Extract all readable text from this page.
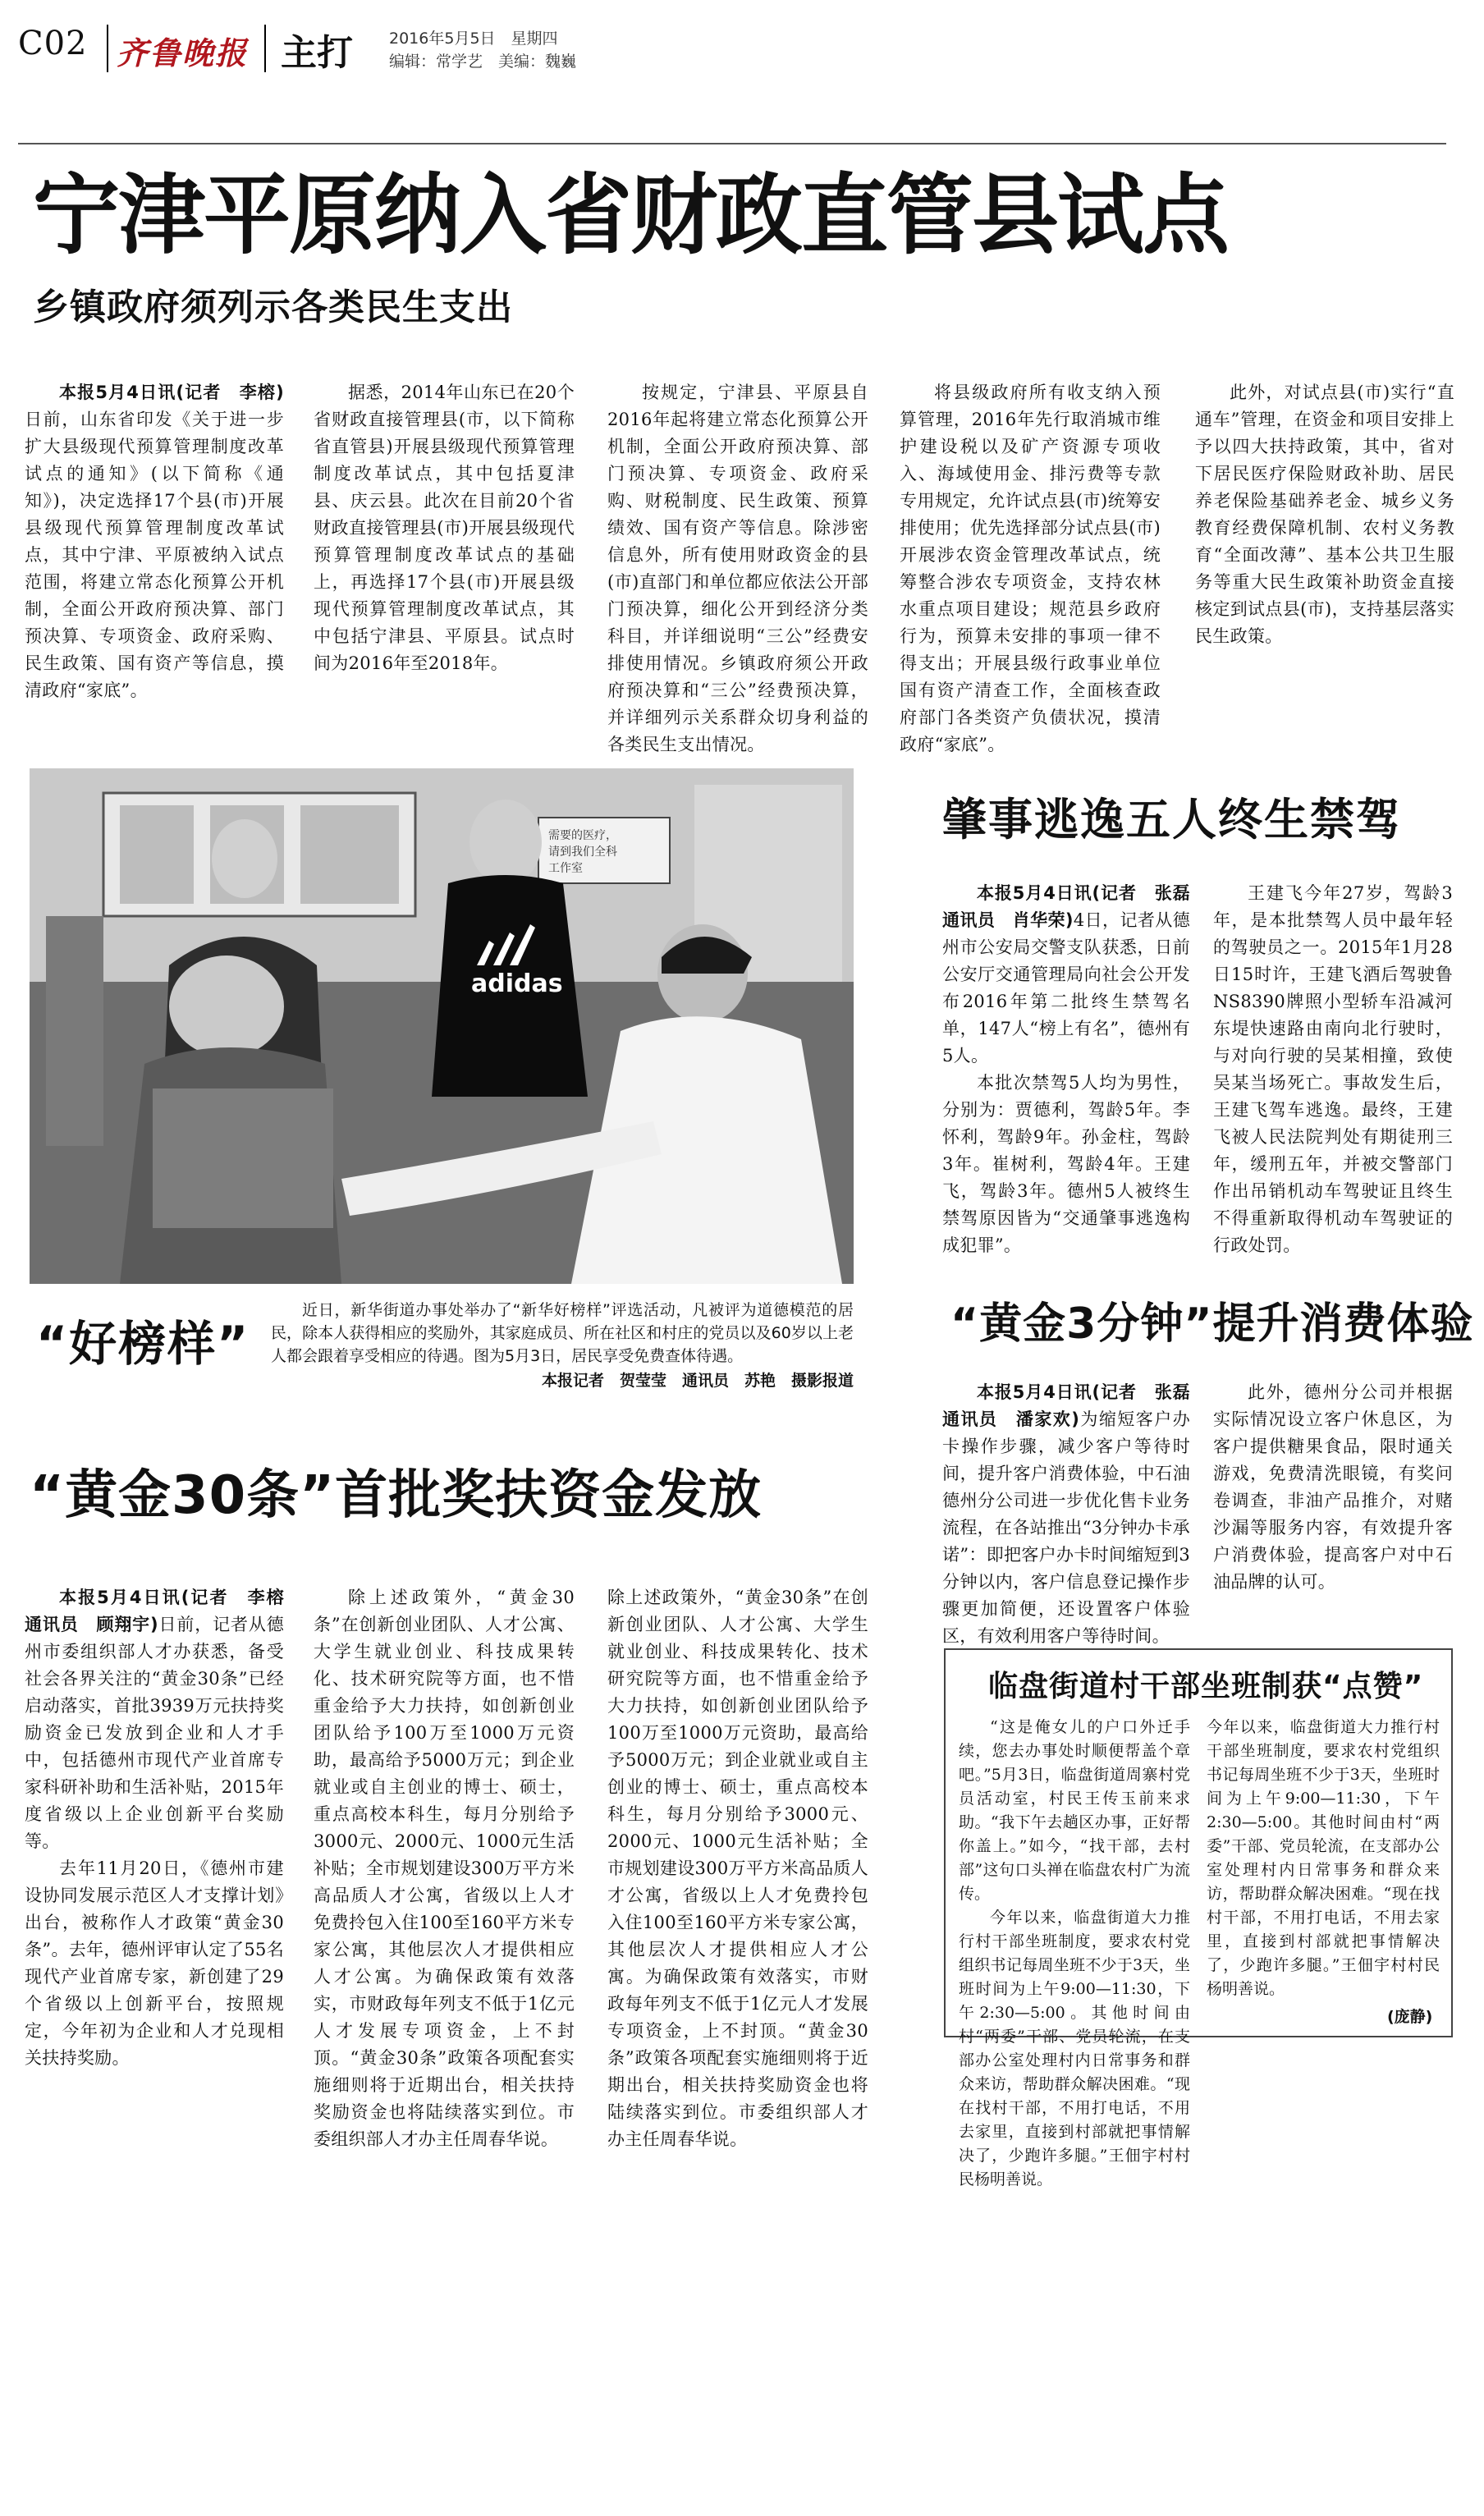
C02 齐鲁晚报 主打 2016年5月5日　星期四
编辑：常学艺　美编：魏巍
宁津平原纳入省财政直管县试点
乡镇政府须列示各类民生支出

本报5月4日讯(记者　李榕)日前，山东省印发《关于进一步扩大县级现代预算管理制度改革试点的通知》(以下简称《通知》)，决定选择17个县(市)开展县级现代预算管理制度改革试点，其中宁津、平原被纳入试点范围，将建立常态化预算公开机制，全面公开政府预决算、部门预决算、专项资金、政府采购、民生政策、国有资产等信息，摸清政府“家底”。

据悉，2014年山东已在20个省财政直接管理县(市，以下简称省直管县)开展县级现代预算管理制度改革试点，其中包括夏津县、庆云县。此次在目前20个省财政直接管理县(市)开展县级现代预算管理制度改革试点的基础上，再选择17个县(市)开展县级现代预算管理制度改革试点，其中包括宁津县、平原县。试点时间为2016年至2018年。

按规定，宁津县、平原县自2016年起将建立常态化预算公开机制，全面公开政府预决算、部门预决算、专项资金、政府采购、财税制度、民生政策、预算绩效、国有资产等信息。除涉密信息外，所有使用财政资金的县(市)直部门和单位都应依法公开部门预决算，细化公开到经济分类科目，并详细说明“三公”经费安排使用情况。乡镇政府须公开政府预决算和“三公”经费预决算，并详细列示关系群众切身利益的各类民生支出情况。

将县级政府所有收支纳入预算管理，2016年先行取消城市维护建设税以及矿产资源专项收入、海域使用金、排污费等专款专用规定，允许试点县(市)统筹安排使用；优先选择部分试点县(市)开展涉农资金管理改革试点，统筹整合涉农专项资金，支持农林水重点项目建设；规范县乡政府行为，预算未安排的事项一律不得支出；开展县级行政事业单位国有资产清查工作，全面核查政府部门各类资产负债状况，摸清政府“家底”。

此外，对试点县(市)实行“直通车”管理，在资金和项目安排上予以四大扶持政策，其中，省对下居民医疗保险财政补助、居民养老保险基础养老金、城乡义务教育经费保障机制、农村义务教育“全面改薄”、基本公共卫生服务等重大民生政策补助资金直接核定到试点县(市)，支持基层落实民生政策。

需要的医疗，
请到我们全科
工作室
adidas
“好榜样”
近日，新华街道办事处举办了“新华好榜样”评选活动，凡被评为道德模范的居民，除本人获得相应的奖励外，其家庭成员、所在社区和村庄的党员以及60岁以上老人都会跟着享受相应的待遇。图为5月3日，居民享受免费查体待遇。
本报记者　贺莹莹　通讯员　苏艳　摄影报道
肇事逃逸五人终生禁驾

本报5月4日讯(记者　张磊　通讯员　肖华荣)4日，记者从德州市公安局交警支队获悉，日前公安厅交通管理局向社会公开发布2016年第二批终生禁驾名单，147人“榜上有名”，德州有5人。

本批次禁驾5人均为男性，分别为：贾德利，驾龄5年。李怀利，驾龄9年。孙金柱，驾龄3年。崔树利，驾龄4年。王建飞，驾龄3年。德州5人被终生禁驾原因皆为“交通肇事逃逸构成犯罪”。

王建飞今年27岁，驾龄3年，是本批禁驾人员中最年轻的驾驶员之一。2015年1月28日15时许，王建飞酒后驾驶鲁NS8390牌照小型轿车沿减河东堤快速路由南向北行驶时，与对向行驶的吴某相撞，致使吴某当场死亡。事故发生后，王建飞驾车逃逸。最终，王建飞被人民法院判处有期徒刑三年，缓刑五年，并被交警部门作出吊销机动车驾驶证且终生不得重新取得机动车驾驶证的行政处罚。

“黄金3分钟”提升消费体验

本报5月4日讯(记者　张磊　通讯员　潘家欢)为缩短客户办卡操作步骤，减少客户等待时间，提升客户消费体验，中石油德州分公司进一步优化售卡业务流程，在各站推出“3分钟办卡承诺”：即把客户办卡时间缩短到3分钟以内，客户信息登记操作步骤更加简便，还设置客户体验区，有效利用客户等待时间。

此外，德州分公司并根据实际情况设立客户休息区，为客户提供糖果食品，限时通关游戏，免费清洗眼镜，有奖问卷调查，非油产品推介，对赌沙漏等服务内容，有效提升客户消费体验，提高客户对中石油品牌的认可。

“黄金30条”首批奖扶资金发放

本报5月4日讯(记者　李榕　通讯员　顾翔宇)日前，记者从德州市委组织部人才办获悉，备受社会各界关注的“黄金30条”已经启动落实，首批3939万元扶持奖励资金已发放到企业和人才手中，包括德州市现代产业首席专家科研补助和生活补贴，2015年度省级以上企业创新平台奖励等。

去年11月20日，《德州市建设协同发展示范区人才支撑计划》出台，被称作人才政策“黄金30条”。去年，德州评审认定了55名现代产业首席专家，新创建了29个省级以上创新平台，按照规定，今年初为企业和人才兑现相关扶持奖励。

除上述政策外，“黄金30条”在创新创业团队、人才公寓、大学生就业创业、科技成果转化、技术研究院等方面，也不惜重金给予大力扶持，如创新创业团队给予100万至1000万元资助，最高给予5000万元；到企业就业或自主创业的博士、硕士，重点高校本科生，每月分别给予3000元、2000元、1000元生活补贴；全市规划建设300万平方米高品质人才公寓，省级以上人才免费拎包入住100至160平方米专家公寓，其他层次人才提供相应人才公寓。为确保政策有效落实，市财政每年列支不低于1亿元人才发展专项资金，上不封顶。“黄金30条”政策各项配套实施细则将于近期出台，相关扶持奖励资金也将陆续落实到位。市委组织部人才办主任周春华说。

除上述政策外，“黄金30条”在创新创业团队、人才公寓、大学生就业创业、科技成果转化、技术研究院等方面，也不惜重金给予大力扶持，如创新创业团队给予100万至1000万元资助，最高给予5000万元；到企业就业或自主创业的博士、硕士，重点高校本科生，每月分别给予3000元、2000元、1000元生活补贴；全市规划建设300万平方米高品质人才公寓，省级以上人才免费拎包入住100至160平方米专家公寓，其他层次人才提供相应人才公寓。为确保政策有效落实，市财政每年列支不低于1亿元人才发展专项资金，上不封顶。“黄金30条”政策各项配套实施细则将于近期出台，相关扶持奖励资金也将陆续落实到位。市委组织部人才办主任周春华说。

临盘街道村干部坐班制获“点赞”

“这是俺女儿的户口外迁手续，您去办事处时顺便帮盖个章吧。”5月3日，临盘街道周寨村党员活动室，村民王传玉前来求助。“我下午去趟区办事，正好帮你盖上。”如今，“找干部，去村部”这句口头禅在临盘农村广为流传。

今年以来，临盘街道大力推行村干部坐班制度，要求农村党组织书记每周坐班不少于3天，坐班时间为上午9:00—11:30，下午2:30—5:00。其他时间由村“两委”干部、党员轮流，在支部办公室处理村内日常事务和群众来访，帮助群众解决困难。“现在找村干部，不用打电话，不用去家里，直接到村部就把事情解决了，少跑许多腿。”王佃宇村村民杨明善说。

今年以来，临盘街道大力推行村干部坐班制度，要求农村党组织书记每周坐班不少于3天，坐班时间为上午9:00—11:30，下午2:30—5:00。其他时间由村“两委”干部、党员轮流，在支部办公室处理村内日常事务和群众来访，帮助群众解决困难。“现在找村干部，不用打电话，不用去家里，直接到村部就把事情解决了，少跑许多腿。”王佃宇村村民杨明善说。

(庞静)
